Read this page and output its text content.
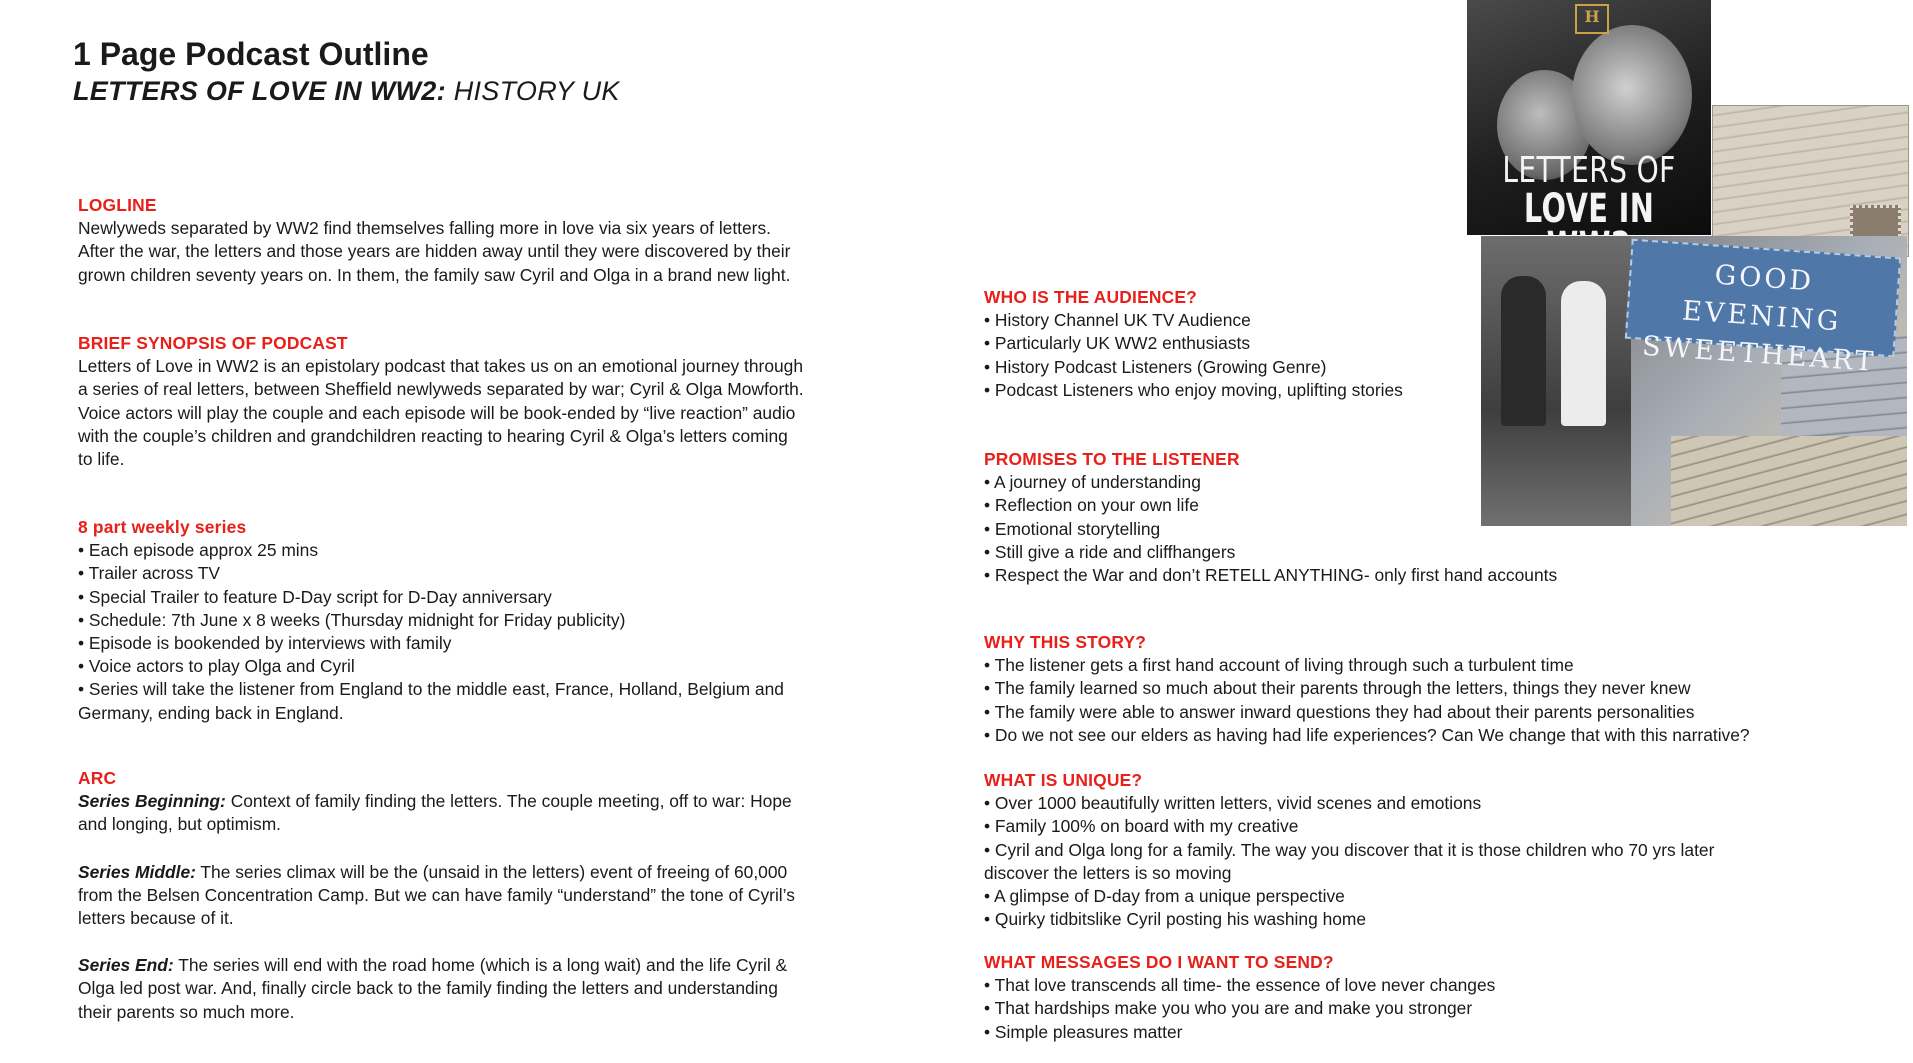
1 Page Podcast Outline
LETTERS OF LOVE IN WW2: HISTORY UK
H
LETTERS OF
LOVE IN
GOOD EVENING
SWEETHEART
LOGLINE

Newlyweds separated by WW2 find themselves falling more in love via six years of letters.

After the war, the letters and those years are hidden away until they were discovered by their

grown children seventy years on. In them, the family saw Cyril and Olga in a brand new light.

BRIEF SYNOPSIS OF PODCAST

Letters of Love in WW2 is an epistolary podcast that takes us on an emotional journey through

a series of real letters, between Sheffield newlyweds separated by war; Cyril & Olga Mowforth.

Voice actors will play the couple and each episode will be book-ended by “live reaction” audio

with the couple’s children and grandchildren reacting to hearing Cyril & Olga’s letters coming

to life.

8 part weekly series
• Each episode approx 25 mins
• Trailer across TV
• Special Trailer to feature D-Day script for D-Day anniversary
• Schedule: 7th June x 8 weeks (Thursday midnight for Friday publicity)
• Episode is bookended by interviews with family
• Voice actors to play Olga and Cyril
• Series will take the listener from England to the middle east, France, Holland, Belgium and

Germany, ending back in England.

ARC
Series Beginning: Context of family finding the letters. The couple meeting, off to war: Hope
and longing, but optimism.
Series Middle: The series climax will be the (unsaid in the letters) event of freeing of 60,000
from the Belsen Concentration Camp. But we can have family “understand” the tone of Cyril’s
letters because of it.
Series End: The series will end with the road home (which is a long wait) and the life Cyril &
Olga led post war. And, finally circle back to the family finding the letters and understanding
their parents so much more.
WHO IS THE AUDIENCE?
• History Channel UK TV Audience
• Particularly UK WW2 enthusiasts
• History Podcast Listeners (Growing Genre)
• Podcast Listeners who enjoy moving, uplifting stories
PROMISES TO THE LISTENER
• A journey of understanding
• Reflection on your own life
• Emotional storytelling
• Still give a ride and cliffhangers
• Respect the War and don’t RETELL ANYTHING- only first hand accounts
WHY THIS STORY?
• The listener gets a first hand account of living through such a turbulent time
• The family learned so much about their parents through the letters, things they never knew
• The family were able to answer inward questions they had about their parents personalities
• Do we not see our elders as having had life experiences? Can We change that with this narrative?
WHAT IS UNIQUE?
• Over 1000 beautifully written letters, vivid scenes and emotions
• Family 100% on board with my creative
• Cyril and Olga long for a family. The way you discover that it is those children who 70 yrs later

discover the letters is so moving

• A glimpse of D-day from a unique perspective
• Quirky tidbitslike Cyril posting his washing home
WHAT MESSAGES DO I WANT TO SEND?
• That love transcends all time- the essence of love never changes
• That hardships make you who you are and make you stronger
• Simple pleasures matter
